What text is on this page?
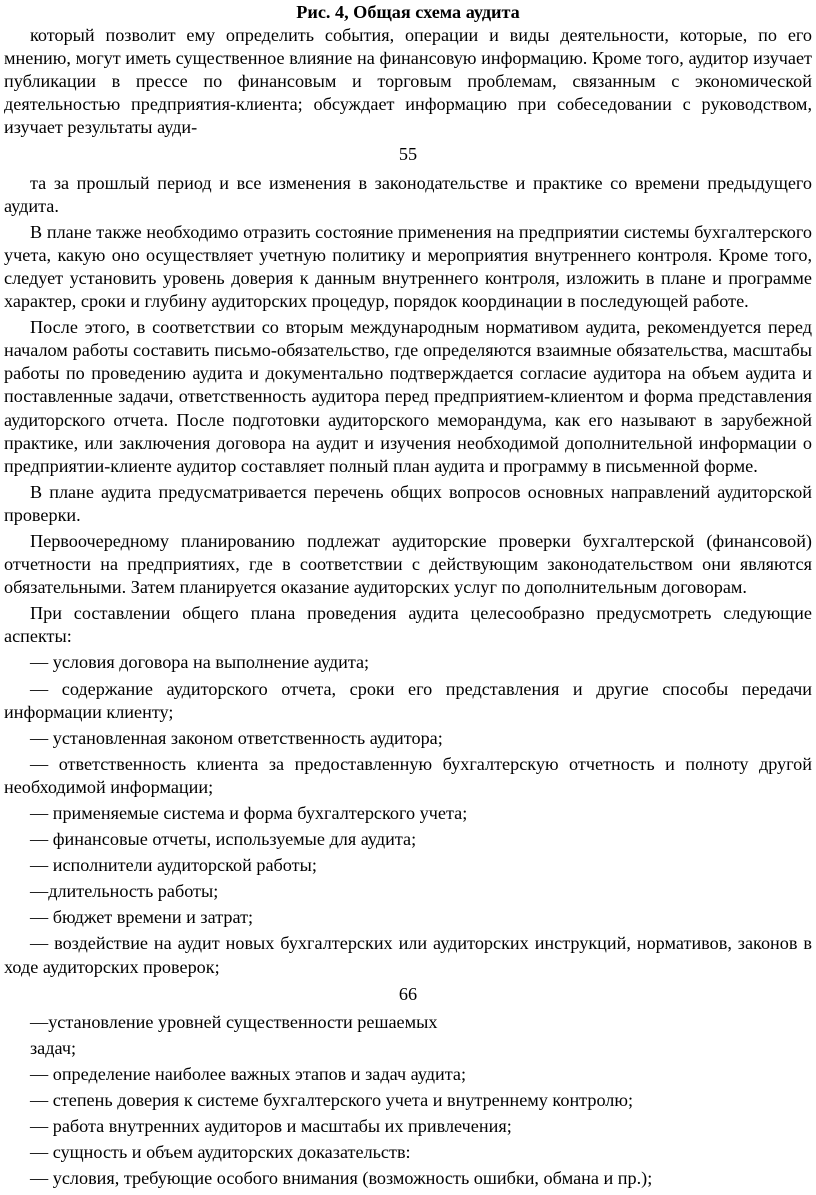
Рис. 4, Общая схема аудита

который позволит ему определить события, операции и виды деятельности, которые, по его мнению, могут иметь существенное влияние на финансовую информацию. Кроме того, аудитор изучает публикации в прессе по финансовым и торговым проблемам, связанным с экономической деятельностью предприятия-клиента; обсуждает информацию при собеседовании с руководством, изучает результаты ауди-

55

та за прошлый период и все изменения в законодательстве и практике со времени предыдущего аудита.

В плане также необходимо отразить состояние применения на предприятии системы бухгалтерского учета, какую оно осуществляет учетную политику и мероприятия внутреннего контроля. Кроме того, следует установить уровень доверия к данным внутреннего контроля, изложить в плане и программе характер, сроки и глубину аудиторских процедур, порядок координации в последующей работе.

После этого, в соответствии со вторым международным нормативом аудита, рекомендуется перед началом работы составить письмо-обязательство, где определяются взаимные обязательства, масштабы работы по проведению аудита и документально подтверждается согласие аудитора на объем аудита и поставленные задачи, ответственность аудитора перед предприятием-клиентом и форма представления аудиторского отчета. После подготовки аудиторского меморандума, как его называют в зарубежной практике, или заключения договора на аудит и изучения необходимой дополнительной информации о предприятии-клиенте аудитор составляет полный план аудита и программу в письменной форме.

В плане аудита предусматривается перечень общих вопросов основных направлений аудиторской проверки.

Первоочередному планированию подлежат аудиторские проверки бухгалтерской (финансовой) отчетности на предприятиях, где в соответствии с действующим законодательством они являются обязательными. Затем планируется оказание аудиторских услуг по дополнительным договорам.

При составлении общего плана проведения аудита целесообразно предусмотреть следующие аспекты:

— условия договора на выполнение аудита;

— содержание аудиторского отчета, сроки его представления и другие способы передачи информации клиенту;

— установленная законом ответственность аудитора;

— ответственность клиента за предоставленную бухгалтерскую отчетность и полноту другой необходимой информации;

— применяемые система и форма бухгалтерского учета;

— финансовые отчеты, используемые для аудита;

— исполнители аудиторской работы;

—длительность работы;

— бюджет времени и затрат;

— воздействие на аудит новых бухгалтерских или аудиторских инструкций, нормативов, законов в ходе аудиторских проверок;

66

—установление уровней существенности решаемых

задач;

— определение наиболее важных этапов и задач аудита;

— степень доверия к системе бухгалтерского учета и внутреннему контролю;

— работа внутренних аудиторов и масштабы их привлечения;

— сущность и объем аудиторских доказательств:

— условия, требующие особого внимания (возможность ошибки, обмана и пр.);
